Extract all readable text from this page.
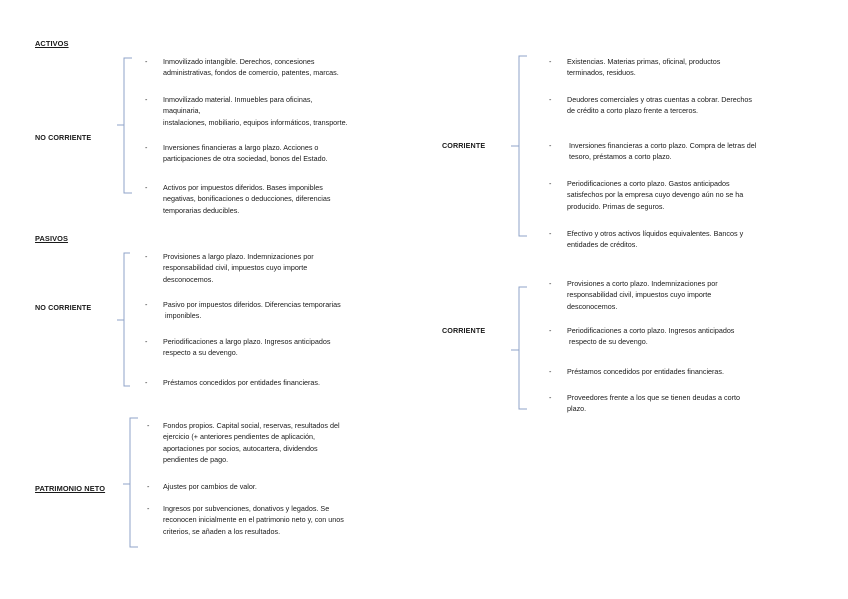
ACTIVOS
PASIVOS
PATRIMONIO NETO
NO CORRIENTE
NO CORRIENTE
CORRIENTE
CORRIENTE
- Inmovilizado intangible. Derechos, concesiones
administrativas, fondos de comercio, patentes, marcas.
- Inmovilizado material. Inmuebles para oficinas,
maquinaria,
instalaciones, mobiliario, equipos informáticos, transporte.
- Inversiones financieras a largo plazo. Acciones o
participaciones de otra sociedad, bonos del Estado.
- Activos por impuestos diferidos. Bases imponibles
negativas, bonificaciones o deducciones, diferencias
temporarias deducibles.
- Provisiones a largo plazo. Indemnizaciones por
responsabilidad civil, impuestos cuyo importe
desconocemos.
- Pasivo por impuestos diferidos. Diferencias temporarias
imponibles.
- Periodificaciones a largo plazo. Ingresos anticipados
respecto a su devengo.
- Préstamos concedidos por entidades financieras.
- Fondos propios. Capital social, reservas, resultados del
ejercicio (+ anteriores pendientes de aplicación,
aportaciones por socios, autocartera, dividendos
pendientes de pago.
- Ajustes por cambios de valor.
- Ingresos por subvenciones, donativos y legados. Se
reconocen inicialmente en el patrimonio neto y, con unos
criterios, se añaden a los resultados.
- Existencias. Materias primas, oficinal, productos
terminados, residuos.
- Deudores comerciales y otras cuentas a cobrar. Derechos
de crédito a corto plazo frente a terceros.
- Inversiones financieras a corto plazo. Compra de letras del
tesoro, préstamos a corto plazo.
- Periodificaciones a corto plazo. Gastos anticipados
satisfechos por la empresa cuyo devengo aún no se ha
producido. Primas de seguros.
- Efectivo y otros activos líquidos equivalentes. Bancos y
entidades de créditos.
- Provisiones a corto plazo. Indemnizaciones por
responsabilidad civil, impuestos cuyo importe
desconocemos.
- Periodificaciones a corto plazo. Ingresos anticipados
respecto de su devengo.
- Préstamos concedidos por entidades financieras.
- Proveedores frente a los que se tienen deudas a corto
plazo.
